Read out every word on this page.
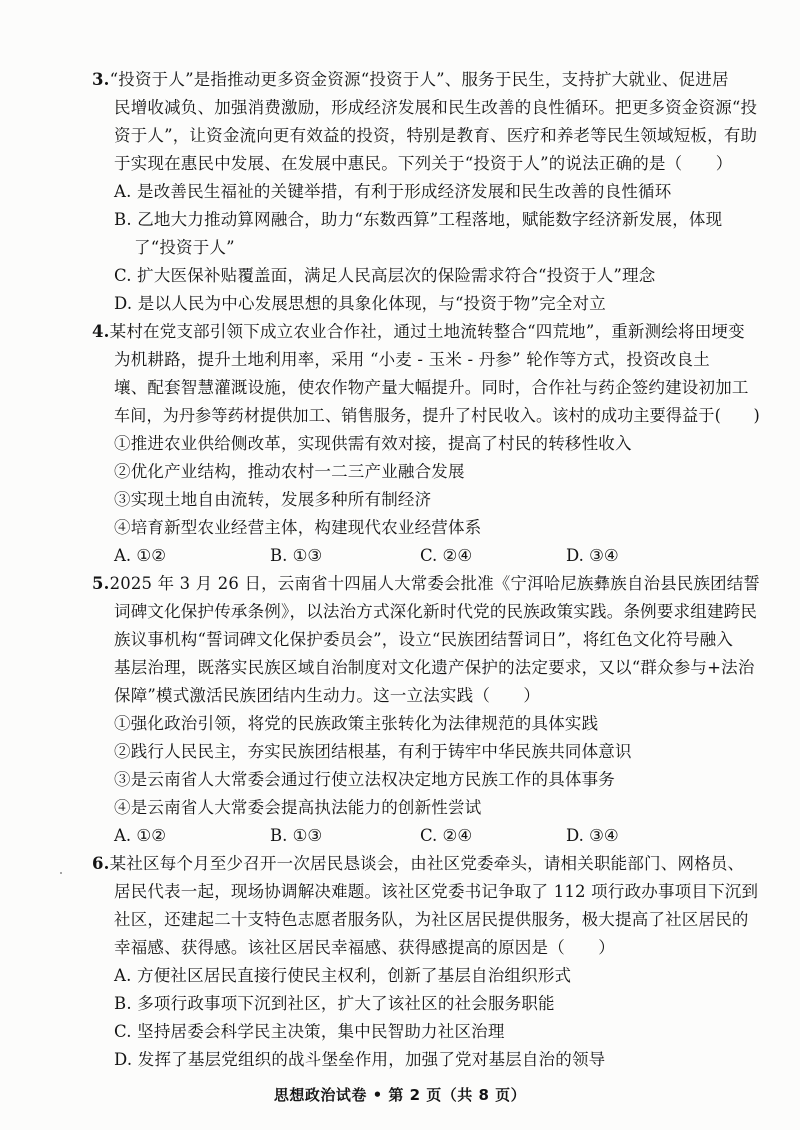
3.“投资于人”是指推动更多资金资源“投资于人”、服务于民生，支持扩大就业、促进居
民增收减负、加强消费激励，形成经济发展和民生改善的良性循环。把更多资金资源“投
资于人”，让资金流向更有效益的投资，特别是教育、医疗和养老等民生领域短板，有助
于实现在惠民中发展、在发展中惠民。下列关于“投资于人”的说法正确的是（　　）
A. 是改善民生福祉的关键举措，有利于形成经济发展和民生改善的良性循环
B. 乙地大力推动算网融合，助力“东数西算”工程落地，赋能数字经济新发展，体现
了“投资于人”
C. 扩大医保补贴覆盖面，满足人民高层次的保险需求符合“投资于人”理念
D. 是以人民为中心发展思想的具象化体现，与“投资于物”完全对立
4.某村在党支部引领下成立农业合作社，通过土地流转整合“四荒地”，重新测绘将田埂变
为机耕路，提升土地利用率，采用 “小麦 - 玉米 - 丹参” 轮作等方式，投资改良土
壤、配套智慧灌溉设施，使农作物产量大幅提升。同时，合作社与药企签约建设初加工
车间，为丹参等药材提供加工、销售服务，提升了村民收入。该村的成功主要得益于(　　)
①推进农业供给侧改革，实现供需有效对接，提高了村民的转移性收入
②优化产业结构，推动农村一二三产业融合发展
③实现土地自由流转，发展多种所有制经济
④培育新型农业经营主体，构建现代农业经营体系
A. ①②	B. ①③	C. ②④	D. ③④
5.2025 年 3 月 26 日，云南省十四届人大常委会批准《宁洱哈尼族彝族自治县民族团结誓
词碑文化保护传承条例》，以法治方式深化新时代党的民族政策实践。条例要求组建跨民
族议事机构“誓词碑文化保护委员会”，设立“民族团结誓词日”，将红色文化符号融入
基层治理，既落实民族区域自治制度对文化遗产保护的法定要求，又以“群众参与+法治
保障”模式激活民族团结内生动力。这一立法实践（　　）
①强化政治引领，将党的民族政策主张转化为法律规范的具体实践
②践行人民民主，夯实民族团结根基，有利于铸牢中华民族共同体意识
③是云南省人大常委会通过行使立法权决定地方民族工作的具体事务
④是云南省人大常委会提高执法能力的创新性尝试
A. ①②	B. ①③	C. ②④	D. ③④
6.某社区每个月至少召开一次居民恳谈会，由社区党委牵头，请相关职能部门、网格员、
居民代表一起，现场协调解决难题。该社区党委书记争取了 112 项行政办事项目下沉到
社区，还建起二十支特色志愿者服务队，为社区居民提供服务，极大提高了社区居民的
幸福感、获得感。该社区居民幸福感、获得感提高的原因是（　　）
A. 方便社区居民直接行使民主权利，创新了基层自治组织形式
B. 多项行政事项下沉到社区，扩大了该社区的社会服务职能
C. 坚持居委会科学民主决策，集中民智助力社区治理
D. 发挥了基层党组织的战斗堡垒作用，加强了党对基层自治的领导
思想政治试卷 • 第 2 页（共 8 页）
